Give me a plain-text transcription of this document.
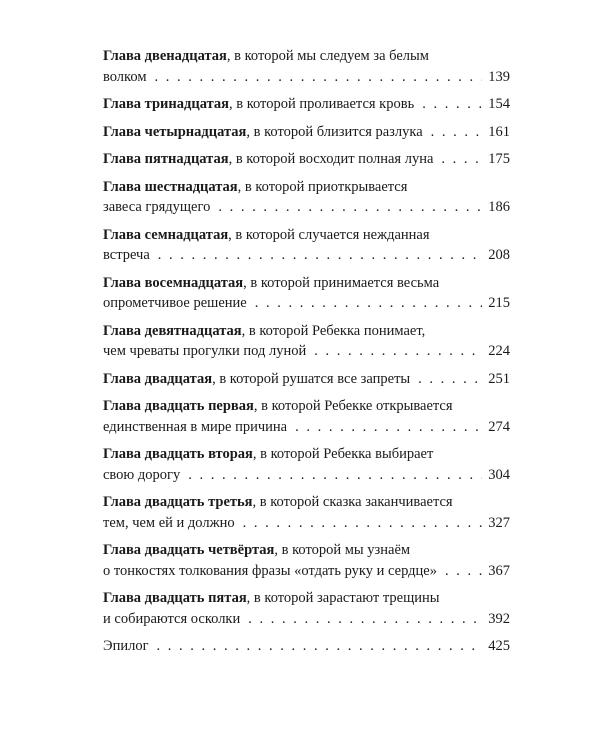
Глава двенадцатая, в которой мы следуем за белым
волком . . .	139
Глава тринадцатая, в которой проливается кровь . . .	154
Глава четырнадцатая, в которой близится разлука . . .	161
Глава пятнадцатая, в которой восходит полная луна . . .	175
Глава шестнадцатая, в которой приоткрывается
завеса грядущего . . .	186
Глава семнадцатая, в которой случается нежданная
встреча . . .	208
Глава восемнадцатая, в которой принимается весьма
опрометчивое решение . . .	215
Глава девятнадцатая, в которой Ребекка понимает,
чем чреваты прогулки под луной . . .	224
Глава двадцатая, в которой рушатся все запреты . . .	251
Глава двадцать первая, в которой Ребекке открывается
единственная в мире причина . . .	274
Глава двадцать вторая, в которой Ребекка выбирает
свою дорогу . . .	304
Глава двадцать третья, в которой сказка заканчивается
тем, чем ей и должно . . .	327
Глава двадцать четвёртая, в которой мы узнаём
о тонкостях толкования фразы «отдать руку и сердце» . . .	367
Глава двадцать пятая, в которой зарастают трещины
и собираются осколки . . .	392
Эпилог . . .	425
